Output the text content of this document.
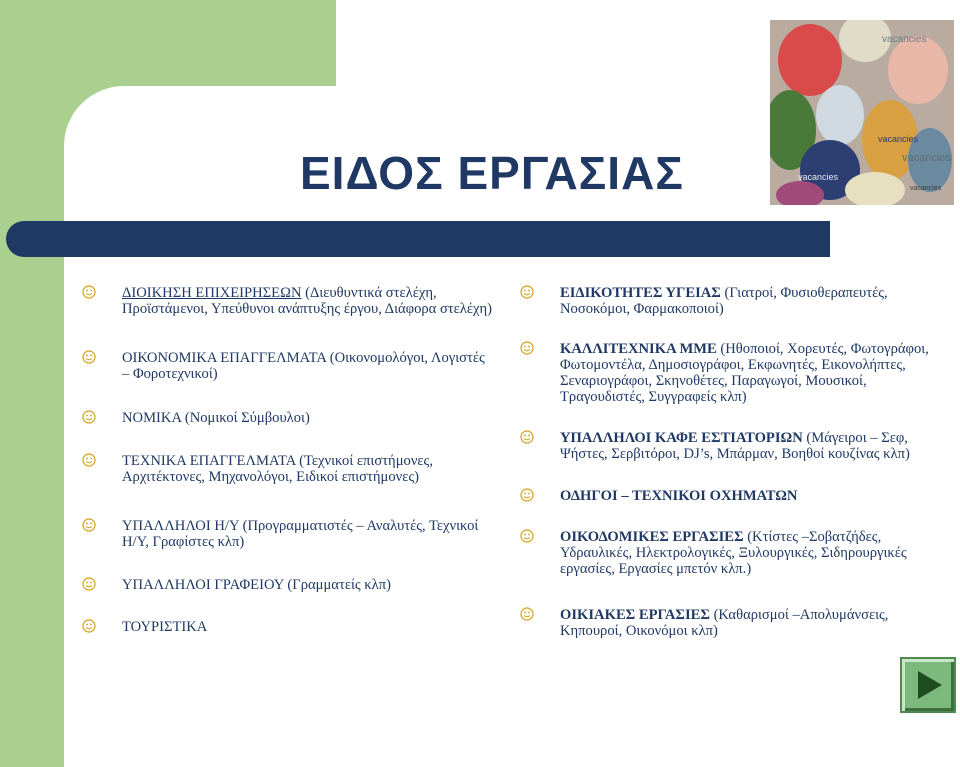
ΕΙΔΟΣ ΕΡΓΑΣΙΑΣ
vacancies
vacancies
vacancies
vacancies
vacancies
ΔΙΟΙΚΗΣΗ ΕΠΙΧΕΙΡΗΣΕΩΝ (Διευθυντικά στελέχη, Προϊστάμενοι, Υπεύθυνοι ανάπτυξης έργου, Διάφορα στελέχη)
ΟΙΚΟΝΟΜΙΚΑ ΕΠΑΓΓΕΛΜΑΤΑ (Οικονομολόγοι, Λογιστές – Φοροτεχνικοί)
ΝΟΜΙΚΑ (Νομικοί Σύμβουλοι)
ΤΕΧΝΙΚΑ ΕΠΑΓΓΕΛΜΑΤΑ (Τεχνικοί επιστήμονες, Αρχιτέκτονες, Μηχανολόγοι, Ειδικοί επιστήμονες)
ΥΠΑΛΛΗΛΟΙ Η/Υ (Προγραμματιστές – Αναλυτές, Τεχνικοί Η/Υ, Γραφίστες κλπ)
ΥΠΑΛΛΗΛΟΙ ΓΡΑΦΕΙΟΥ (Γραμματείς κλπ)
ΤΟΥΡΙΣΤΙΚΑ
ΕΙΔΙΚΟΤΗΤΕΣ ΥΓΕΙΑΣ (Γιατροί, Φυσιοθεραπευτές, Νοσοκόμοι, Φαρμακοποιοί)
ΚΑΛΛΙΤΕΧΝΙΚΑ ΜΜΕ (Ηθοποιοί, Χορευτές, Φωτογράφοι, Φωτομοντέλα, Δημοσιογράφοι, Εκφωνητές, Εικονολήπτες, Σεναριογράφοι, Σκηνοθέτες, Παραγωγοί, Μουσικοί, Τραγουδιστές, Συγγραφείς κλπ)
ΥΠΑΛΛΗΛΟΙ ΚΑΦΕ ΕΣΤΙΑΤΟΡΙΩΝ (Μάγειροι – Σεφ, Ψήστες, Σερβιτόροι, DJ’s, Μπάρμαν, Βοηθοί κουζίνας κλπ)
ΟΔΗΓΟΙ – ΤΕΧΝΙΚΟΙ ΟΧΗΜΑΤΩΝ
ΟΙΚΟΔΟΜΙΚΕΣ ΕΡΓΑΣΙΕΣ (Κτίστες –Σοβατζήδες, Υδραυλικές, Ηλεκτρολογικές, Ξυλουργικές, Σιδηρουργικές εργασίες, Εργασίες μπετόν κλπ.)
ΟΙΚΙΑΚΕΣ ΕΡΓΑΣΙΕΣ (Καθαρισμοί –Απολυμάνσεις, Κηπουροί, Οικονόμοι κλπ)
